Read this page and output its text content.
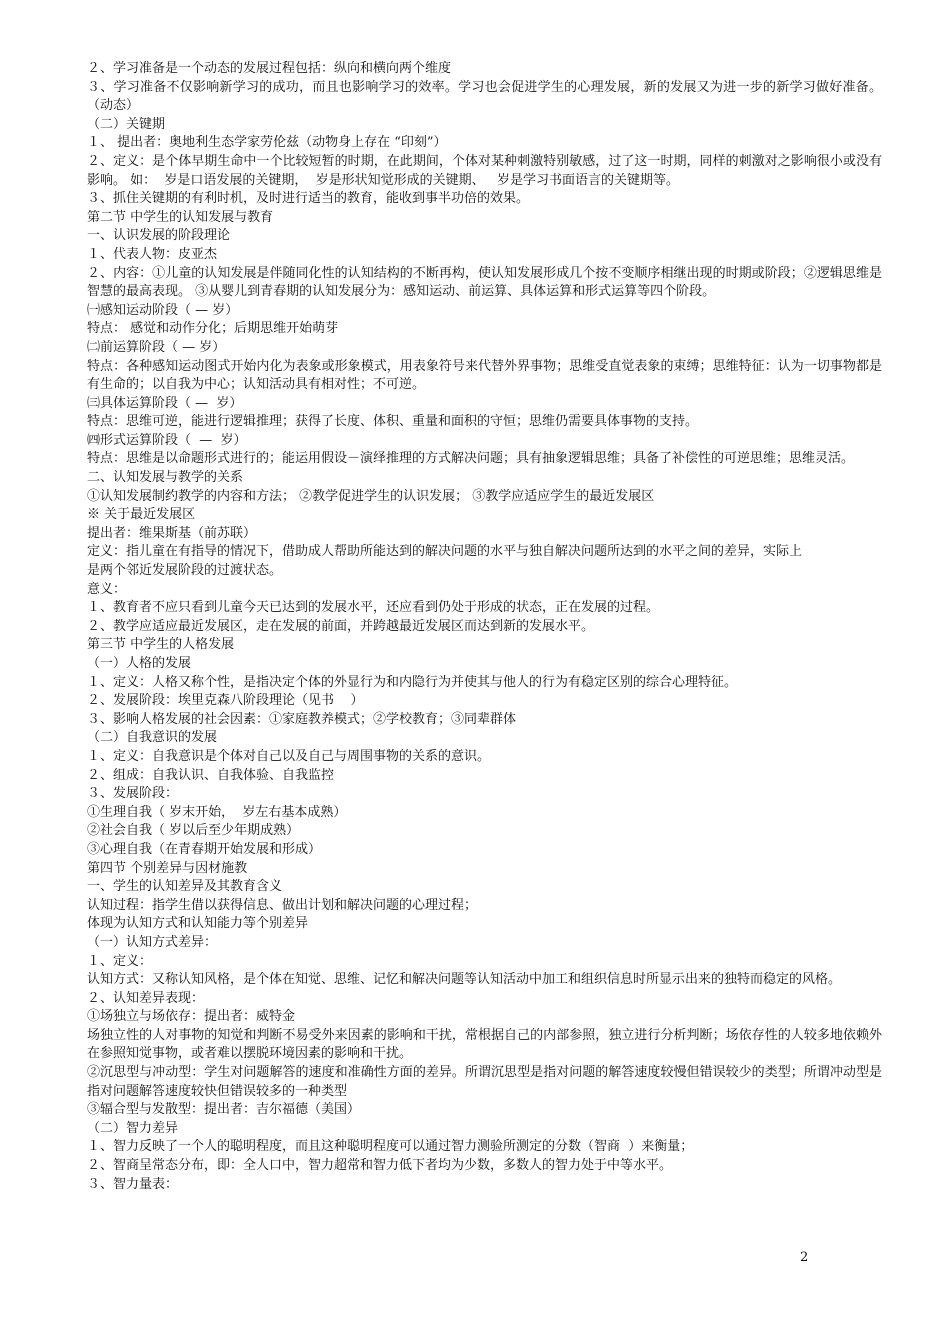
２、学习准备是一个动态的发展过程包括：纵向和横向两个维度

３、学习准备不仅影响新学习的成功，而且也影响学习的效率。学习也会促进学生的心理发展，新的发展又为进一步的新学习做好准备。（动态）

（二）关键期

１、 提出者：奥地利生态学家劳伦兹（动物身上存在 “印刻”）

２、定义：是个体早期生命中一个比较短暂的时期，在此期间，个体对某种刺激特别敏感，过了这一时期，同样的刺激对之影响很小或没有影响。 如：  岁是口语发展的关键期，  岁是形状知觉形成的关键期、   岁是学习书面语言的关键期等。

３、抓住关键期的有利时机，及时进行适当的教育，能收到事半功倍的效果。

第二节 中学生的认知发展与教育

一、认识发展的阶段理论

１、代表人物：皮亚杰

２、内容：①儿童的认知发展是伴随同化性的认知结构的不断再构，使认知发展形成几个按不变顺序相继出现的时期或阶段；②逻辑思维是智慧的最高表现。 ③从婴儿到青春期的认知发展分为：感知运动、前运算、具体运算和形式运算等四个阶段。

㈠感知运动阶段（ — 岁）

特点： 感觉和动作分化；后期思维开始萌芽

㈡前运算阶段（ — 岁）

特点：各种感知运动图式开始内化为表象或形象模式，用表象符号来代替外界事物；思维受直觉表象的束缚；思维特征：认为一切事物都是有生命的；以自我为中心；认知活动具有相对性；不可逆。

㈢具体运算阶段（ —  岁）

特点：思维可逆，能进行逻辑推理；获得了长度、体积、重量和面积的守恒；思维仍需要具体事物的支持。

㈣形式运算阶段（  —  岁）

特点：思维是以命题形式进行的；能运用假设－演绎推理的方式解决问题；具有抽象逻辑思维；具备了补偿性的可逆思维；思维灵活。

二、认知发展与教学的关系

①认知发展制约教学的内容和方法； ②教学促进学生的认识发展； ③教学应适应学生的最近发展区

※ 关于最近发展区

提出者：维果斯基（前苏联）

定义：指儿童在有指导的情况下，借助成人帮助所能达到的解决问题的水平与独自解决问题所达到的水平之间的差异，实际上

是两个邻近发展阶段的过渡状态。

意义：

１、教育者不应只看到儿童今天已达到的发展水平，还应看到仍处于形成的状态，正在发展的过程。

２、教学应适应最近发展区，走在发展的前面，并跨越最近发展区而达到新的发展水平。

第三节 中学生的人格发展

（一）人格的发展

１、定义：人格又称个性，是指决定个体的外显行为和内隐行为并使其与他人的行为有稳定区别的综合心理特征。

２、发展阶段：埃里克森八阶段理论（见书    ）

３、影响人格发展的社会因素：①家庭教养模式；②学校教育；③同辈群体

（二）自我意识的发展

１、定义：自我意识是个体对自己以及自己与周围事物的关系的意识。

２、组成：自我认识、自我体验、自我监控

３、发展阶段：

①生理自我（ 岁末开始，  岁左右基本成熟）

②社会自我（ 岁以后至少年期成熟）

③心理自我（在青春期开始发展和形成）

第四节 个别差异与因材施教

一、学生的认知差异及其教育含义

认知过程：指学生借以获得信息、做出计划和解决问题的心理过程；

体现为认知方式和认知能力等个别差异

（一）认知方式差异：

１、定义：

认知方式：又称认知风格，是个体在知觉、思维、记忆和解决问题等认知活动中加工和组织信息时所显示出来的独特而稳定的风格。

２、认知差异表现：

①场独立与场依存：提出者：威特金

场独立性的人对事物的知觉和判断不易受外来因素的影响和干扰，常根据自己的内部参照，独立进行分析判断；场依存性的人较多地依赖外在参照知觉事物，或者难以摆脱环境因素的影响和干扰。

②沉思型与冲动型：学生对问题解答的速度和准确性方面的差异。所谓沉思型是指对问题的解答速度较慢但错误较少的类型；所谓冲动型是指对问题解答速度较快但错误较多的一种类型

③辐合型与发散型：提出者：吉尔福德（美国）

（二）智力差异

１、智力反映了一个人的聪明程度，而且这种聪明程度可以通过智力测验所测定的分数（智商  ）来衡量；

２、智商呈常态分布，即：全人口中，智力超常和智力低下者均为少数，多数人的智力处于中等水平。

３、智力量表：

2
